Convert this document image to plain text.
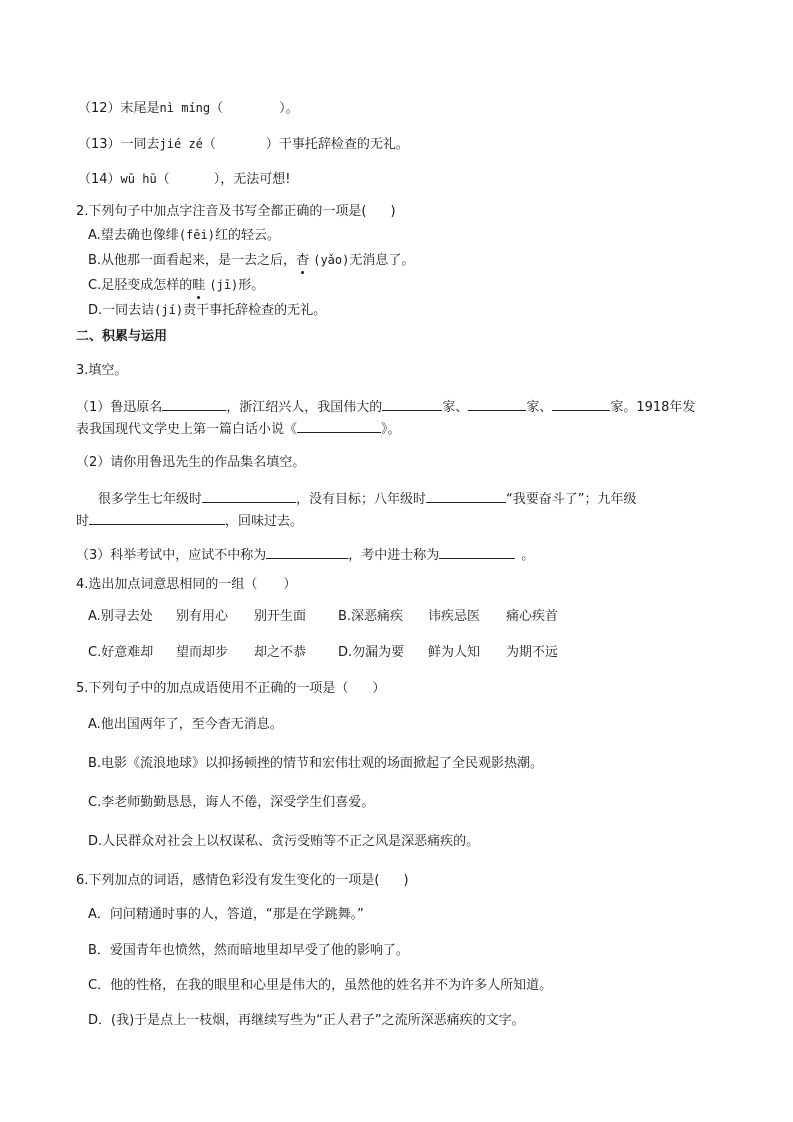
（12）末尾是nì míng（	）。
（13）一同去jié zé（	）干事托辞检查的无礼。
（14）wū hū（	），无法可想!
2.下列句子中加点字注音及书写全都正确的一项是( )
A.望去确也像绯(fēi)红的轻云。
B.从他那一面看起来，是一去之后，杳 (yǎo)无消息了。
C.足胫变成怎样的畦 (jī)形。
D.一同去诘(jí)责干事托辞检查的无礼。
二、积累与运用
3.填空。
（1）鲁迅原名	，浙江绍兴人，我国伟大的	家、	家、	家。1918年发
表我国现代文学史上第一篇白话小说《	》。
（2）请你用鲁迅先生的作品集名填空。
很多学生七年级时	，没有目标；八年级时	“我要奋斗了”；九年级
时	，回味过去。
（3）科举考试中，应试不中称为	，考中进士称为	。
4.选出加点词意思相同的一组（ ）
A.别寻去处 别有用心 别开生面 B.深恶痛疾 讳疾忌医 痛心疾首
C.好意难却 望而却步 却之不恭 D.勿漏为要 鲜为人知 为期不远
5.下列句子中的加点成语使用不正确的一项是（ ）
A.他出国两年了，至今杳无消息。
B.电影《流浪地球》以抑扬顿挫的情节和宏伟壮观的场面掀起了全民观影热潮。
C.李老师勤勤恳恳，诲人不倦，深受学生们喜爱。
D.人民群众对社会上以权谋私、贪污受贿等不正之风是深恶痛疾的。
6.下列加点的词语，感情色彩没有发生变化的一项是( )
A．问问精通时事的人，答道，“那是在学跳舞。”
B．爱国青年也愤然，然而暗地里却早受了他的影响了。
C．他的性格，在我的眼里和心里是伟大的，虽然他的姓名并不为许多人所知道。
D．(我)于是点上一枝烟，再继续写些为“正人君子”之流所深恶痛疾的文字。
